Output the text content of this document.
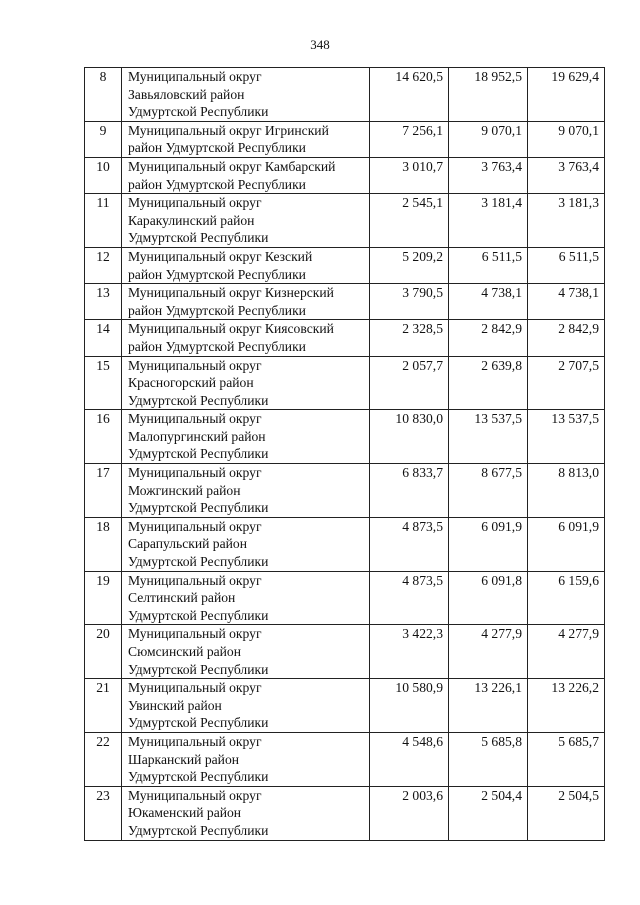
348
8	Муниципальный округ
Завьяловский район
Удмуртской Республики	14 620,5	18 952,5	19 629,4
9	Муниципальный округ Игринский
район Удмуртской Республики	7 256,1	9 070,1	9 070,1
10	Муниципальный округ Камбарский
район Удмуртской Республики	3 010,7	3 763,4	3 763,4
11	Муниципальный округ
Каракулинский район
Удмуртской Республики	2 545,1	3 181,4	3 181,3
12	Муниципальный округ Кезский
район Удмуртской Республики	5 209,2	6 511,5	6 511,5
13	Муниципальный округ Кизнерский
район Удмуртской Республики	3 790,5	4 738,1	4 738,1
14	Муниципальный округ Киясовский
район Удмуртской Республики	2 328,5	2 842,9	2 842,9
15	Муниципальный округ
Красногорский район
Удмуртской Республики	2 057,7	2 639,8	2 707,5
16	Муниципальный округ
Малопургинский район
Удмуртской Республики	10 830,0	13 537,5	13 537,5
17	Муниципальный округ
Можгинский район
Удмуртской Республики	6 833,7	8 677,5	8 813,0
18	Муниципальный округ
Сарапульский район
Удмуртской Республики	4 873,5	6 091,9	6 091,9
19	Муниципальный округ
Селтинский район
Удмуртской Республики	4 873,5	6 091,8	6 159,6
20	Муниципальный округ
Сюмсинский район
Удмуртской Республики	3 422,3	4 277,9	4 277,9
21	Муниципальный округ
Увинский район
Удмуртской Республики	10 580,9	13 226,1	13 226,2
22	Муниципальный округ
Шарканский район
Удмуртской Республики	4 548,6	5 685,8	5 685,7
23	Муниципальный округ
Юкаменский район
Удмуртской Республики	2 003,6	2 504,4	2 504,5
